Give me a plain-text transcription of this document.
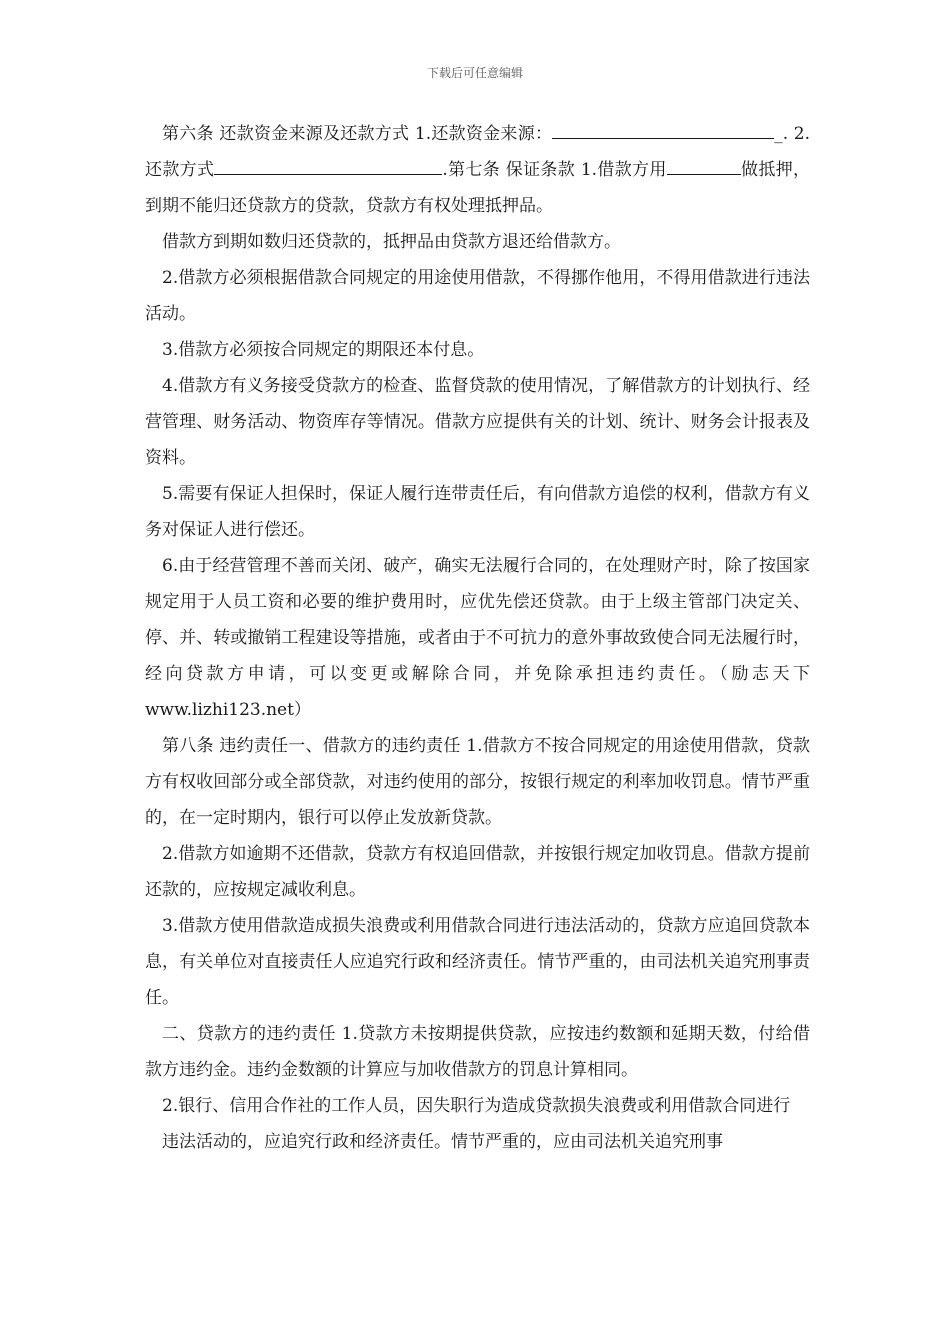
下载后可任意编辑

第六条 还款资金来源及还款方式 1.还款资金来源：	_. 2.还款方式	.第七条 保证条款 1.借款方用	做抵押，到期不能归还贷款方的贷款，贷款方有权处理抵押品。

借款方到期如数归还贷款的，抵押品由贷款方退还给借款方。

2.借款方必须根据借款合同规定的用途使用借款，不得挪作他用，不得用借款进行违法活动。

3.借款方必须按合同规定的期限还本付息。

4.借款方有义务接受贷款方的检查、监督贷款的使用情况，了解借款方的计划执行、经营管理、财务活动、物资库存等情况。借款方应提供有关的计划、统计、财务会计报表及资料。

5.需要有保证人担保时，保证人履行连带责任后，有向借款方追偿的权利，借款方有义务对保证人进行偿还。

6.由于经营管理不善而关闭、破产，确实无法履行合同的，在处理财产时，除了按国家规定用于人员工资和必要的维护费用时，应优先偿还贷款。由于上级主管部门决定关、停、并、转或撤销工程建设等措施，或者由于不可抗力的意外事故致使合同无法履行时，经向贷款方申请，可以变更或解除合同，并免除承担违约责任。（励志天下 www.lizhi123.net）

第八条 违约责任一、借款方的违约责任 1.借款方不按合同规定的用途使用借款，贷款方有权收回部分或全部贷款，对违约使用的部分，按银行规定的利率加收罚息。情节严重的，在一定时期内，银行可以停止发放新贷款。

2.借款方如逾期不还借款，贷款方有权追回借款，并按银行规定加收罚息。借款方提前还款的，应按规定减收利息。

3.借款方使用借款造成损失浪费或利用借款合同进行违法活动的，贷款方应追回贷款本息，有关单位对直接责任人应追究行政和经济责任。情节严重的，由司法机关追究刑事责任。

二、贷款方的违约责任 1.贷款方未按期提供贷款，应按违约数额和延期天数，付给借款方违约金。违约金数额的计算应与加收借款方的罚息计算相同。

2.银行、信用合作社的工作人员，因失职行为造成贷款损失浪费或利用借款合同进行

违法活动的，应追究行政和经济责任。情节严重的，应由司法机关追究刑事
